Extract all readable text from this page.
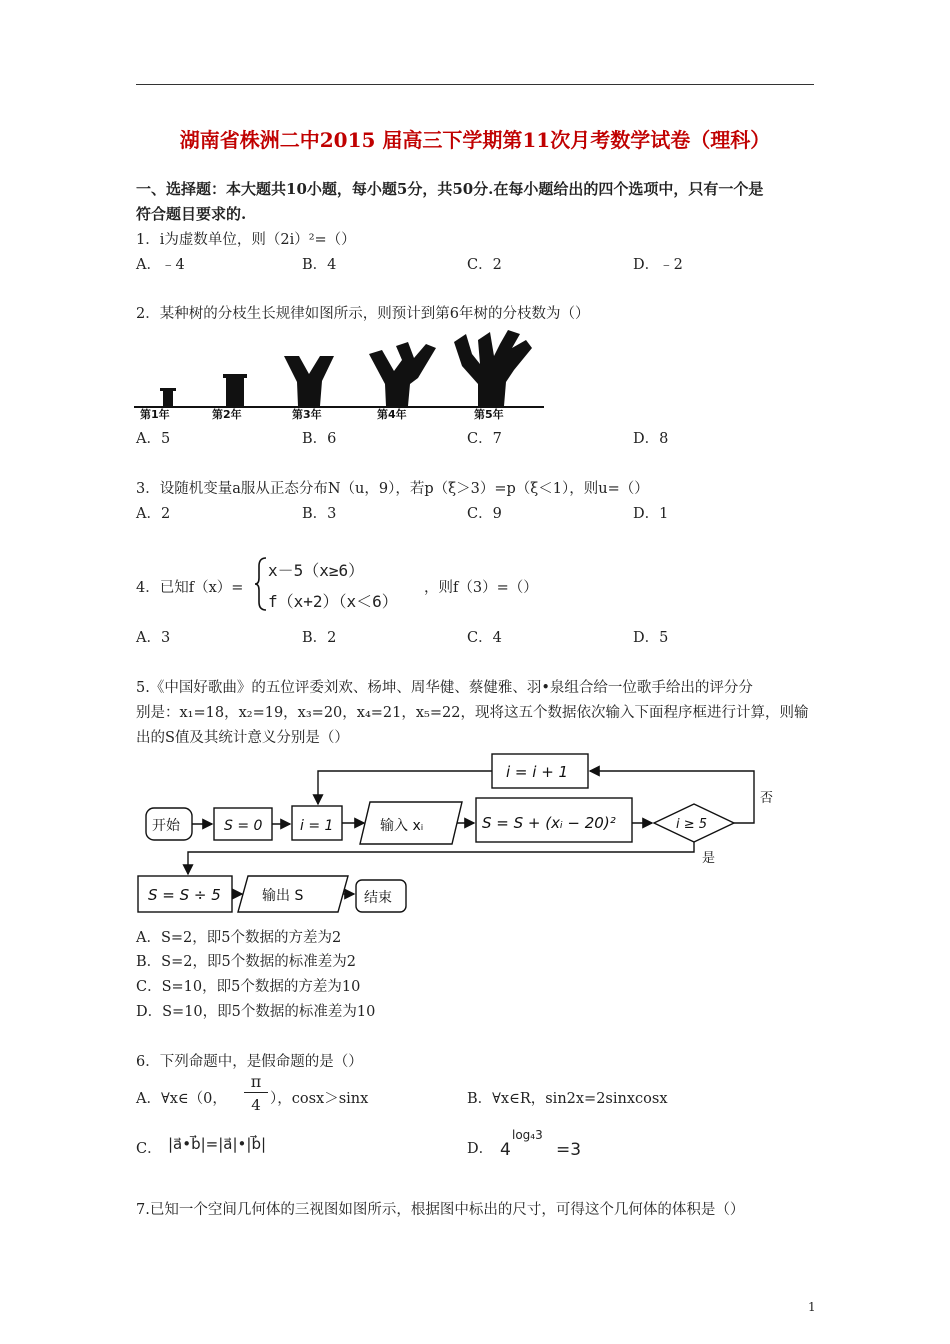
湖南省株洲二中2015 届高三下学期第11次月考数学试卷（理科）
一、选择题：本大题共10小题，每小题5分，共50分.在每小题给出的四个选项中，只有一个是
符合题目要求的.
1．i为虚数单位，则（2i）²=（）
A．﹣4	B．4	C．2	D．﹣2
2．某种树的分枝生长规律如图所示，则预计到第6年树的分枝数为（）
第1年	第2年	第3年	第4年	第5年
A．5	B．6	C．7	D．8
3．设随机变量a服从正态分布N（u，9），若p（ξ＞3）=p（ξ＜1），则u=（）
A．2	B．3	C．9	D．1
4．已知f（x）=
x－5（x≥6）
f（x+2）（x＜6）
，则f（3）=（）
A．3	B．2	C．4	D．5
5.《中国好歌曲》的五位评委刘欢、杨坤、周华健、蔡健雅、羽•泉组合给一位歌手给出的评分分
别是：x₁=18，x₂=19，x₃=20，x₄=21，x₅=22，现将这五个数据依次输入下面程序框进行计算，则输
出的S值及其统计意义分别是（）
开始	S = 0	i = 1	输入 xᵢ	S = S + (xᵢ − 20)²	i ≥ 5
i = i + 1
否
是
S = S ÷ 5	输出 S	结束
A．S=2，即5个数据的方差为2
B．S=2，即5个数据的标准差为2
C．S=10，即5个数据的方差为10
D．S=10，即5个数据的标准差为10
6．下列命题中，是假命题的是（）
A．∀x∈（0，
π
4 ），cosx＞sinx	B．∀x∈R，sin2x=2sinxcosx
C． |a⃗•b⃗|=|a⃗|•|b⃗|	D． 4
log₄3
=3
7.已知一个空间几何体的三视图如图所示，根据图中标出的尺寸，可得这个几何体的体积是（）
1
